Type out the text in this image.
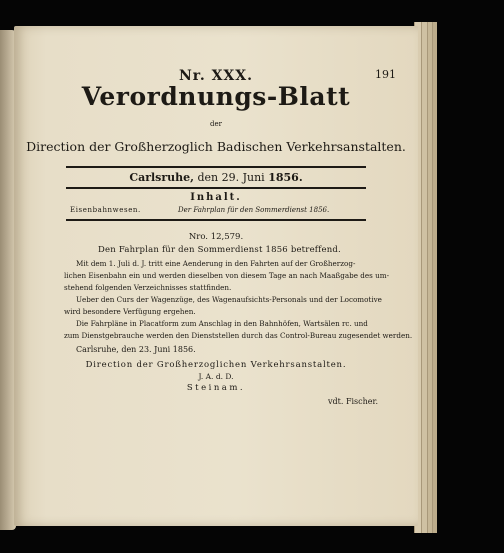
Nr. XXX.	191
Verordnungs-Blatt
der
Direction der Großherzoglich Badischen Verkehrsanstalten.
Carlsruhe, den 29. Juni 1856.
Inhalt.
Eisenbahnwesen.	Der Fahrplan für den Sommerdienst 1856.
Nro. 12,579.
Den Fahrplan für den Sommerdienst 1856 betreffend.
Mit dem 1. Juli d. J. tritt eine Aenderung in den Fahrten auf der Großherzog-
lichen Eisenbahn ein und werden dieselben von diesem Tage an nach Maaßgabe des um-
stehend folgenden Verzeichnisses stattfinden.
Ueber den Curs der Wagenzüge, des Wagenaufsichts-Personals und der Locomotive
wird besondere Verfügung ergehen.
Die Fahrpläne in Placatform zum Anschlag in den Bahnhöfen, Wartsälen rc. und
zum Dienstgebrauche werden den Dienststellen durch das Control-Bureau zugesendet werden.
Carlsruhe, den 23. Juni 1856.
Direction der Großherzoglichen Verkehrsanstalten.
J. A. d. D.
Steinam.
vdt. Fischer.
